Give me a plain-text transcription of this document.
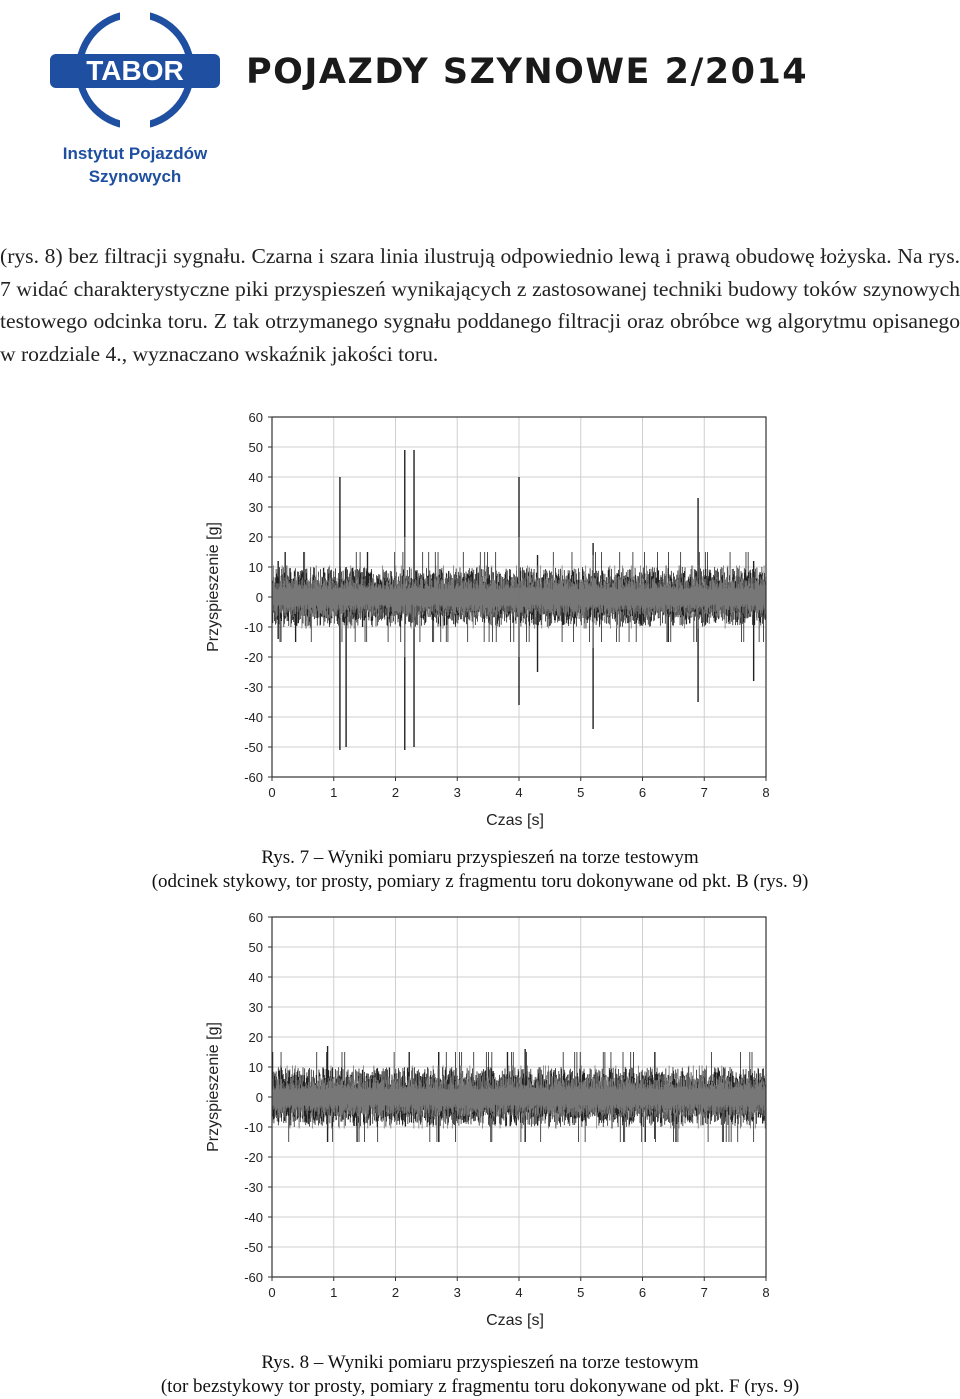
TABOR
Instytut Pojazdów
Szynowych
POJAZDY SZYNOWE 2/2014

(rys. 8) bez filtracji sygnału. Czarna i szara linia ilustrują odpowiednio lewą i prawą obudowę łożyska. Na rys. 7 widać charakterystyczne piki przyspieszeń wynikających z zastosowanej techniki budowy toków szynowych testowego odcinka toru. Z tak otrzymanego sygnału poddanego filtracji oraz obróbce wg algorytmu opisanego w rozdziale 4., wyznaczano wskaźnik jakości toru.

60
50
40
30
20
10
0
-10
-20
-30
-40
-50
-60
0	1	2	3	4	5	6	7	8
Czas [s]
Przyspieszenie [g]
Rys. 7 – Wyniki pomiaru przyspieszeń na torze testowym
(odcinek stykowy, tor prosty, pomiary z fragmentu toru dokonywane od pkt. B (rys. 9)
60
50
40
30
20
10
0
-10
-20
-30
-40
-50
-60
0	1	2	3	4	5	6	7	8
Czas [s]
Przyspieszenie [g]
Rys. 8 – Wyniki pomiaru przyspieszeń na torze testowym
(tor bezstykowy tor prosty, pomiary z fragmentu toru dokonywane od pkt. F (rys. 9)
